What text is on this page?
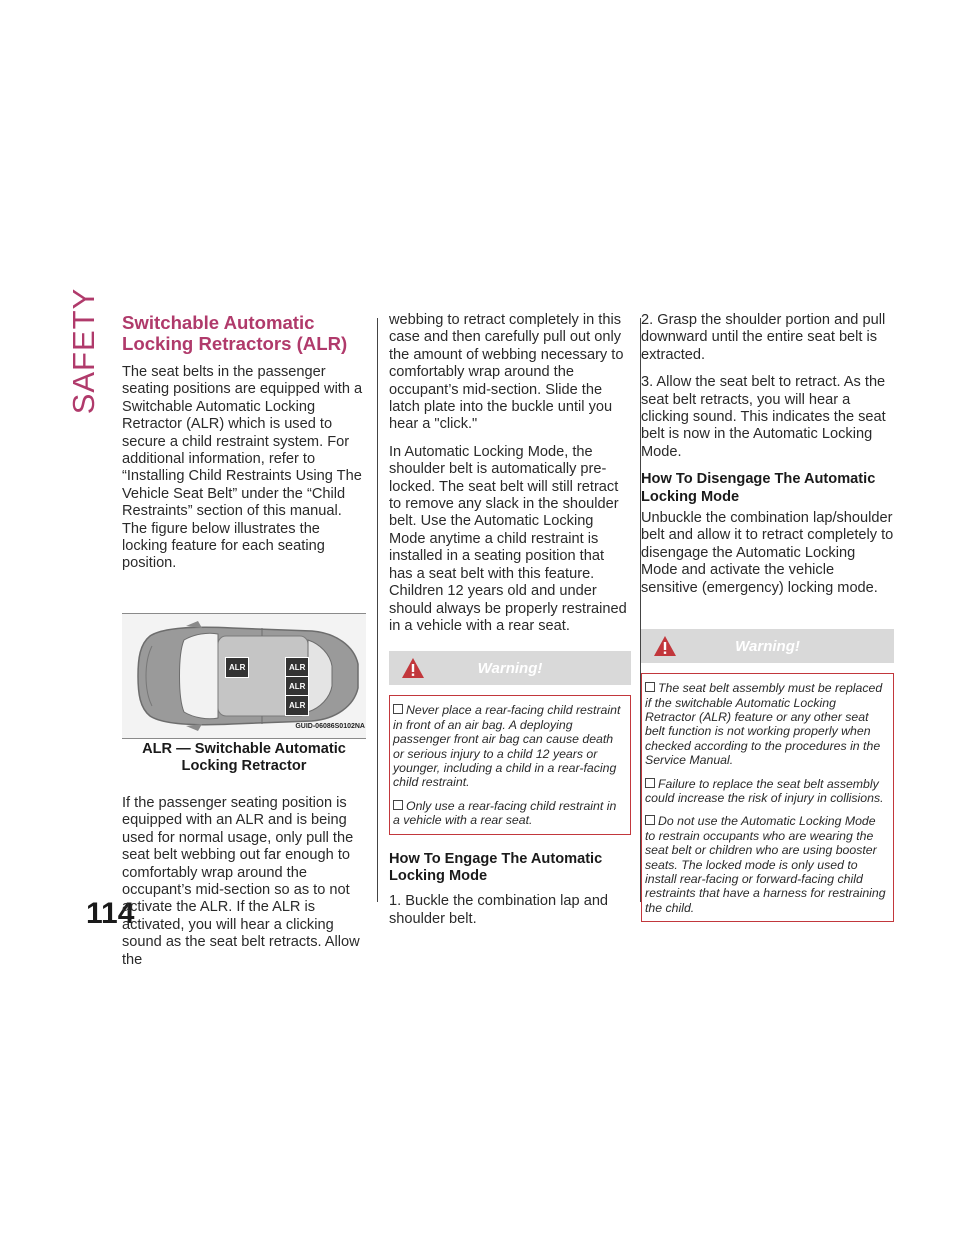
SAFETY
114
Switchable Automatic Locking Retractors (ALR)

The seat belts in the passenger seating positions are equipped with a Switchable Automatic Locking Retractor (ALR) which is used to secure a child restraint system. For additional information, refer to “Installing Child Restraints Using The Vehicle Seat Belt” under the “Child Restraints” section of this manual. The figure below illustrates the locking feature for each seating position.

ALR	ALR
ALR
ALR
GUID-06086S0102NA
ALR — Switchable Automatic Locking Retractor

If the passenger seating position is equipped with an ALR and is being used for normal usage, only pull the seat belt webbing out far enough to comfortably wrap around the occupant’s mid-section so as to not activate the ALR. If the ALR is activated, you will hear a clicking sound as the seat belt retracts. Allow the

webbing to retract completely in this case and then carefully pull out only the amount of webbing necessary to comfortably wrap around the occupant’s mid-section. Slide the latch plate into the buckle until you hear a "click."

In Automatic Locking Mode, the shoulder belt is automatically pre-locked. The seat belt will still retract to remove any slack in the shoulder belt. Use the Automatic Locking Mode anytime a child restraint is installed in a seating position that has a seat belt with this feature. Children 12 years old and under should always be properly restrained in a vehicle with a rear seat.

Warning!

Never place a rear-facing child restraint in front of an air bag. A deploying passenger front air bag can cause death or serious injury to a child 12 years or younger, including a child in a rear-facing child restraint.

Only use a rear-facing child restraint in a vehicle with a rear seat.

How To Engage The Automatic Locking Mode

1. Buckle the combination lap and shoulder belt.

2. Grasp the shoulder portion and pull downward until the entire seat belt is extracted.

3. Allow the seat belt to retract. As the seat belt retracts, you will hear a clicking sound. This indicates the seat belt is now in the Automatic Locking Mode.

How To Disengage The Automatic Locking Mode

Unbuckle the combination lap/shoulder belt and allow it to retract completely to disengage the Automatic Locking Mode and activate the vehicle sensitive (emergency) locking mode.

Warning!

The seat belt assembly must be replaced if the switchable Automatic Locking Retractor (ALR) feature or any other seat belt function is not working properly when checked according to the procedures in the Service Manual.

Failure to replace the seat belt assembly could increase the risk of injury in collisions.

Do not use the Automatic Locking Mode to restrain occupants who are wearing the seat belt or children who are using booster seats. The locked mode is only used to install rear-facing or forward-facing child restraints that have a harness for restraining the child.
